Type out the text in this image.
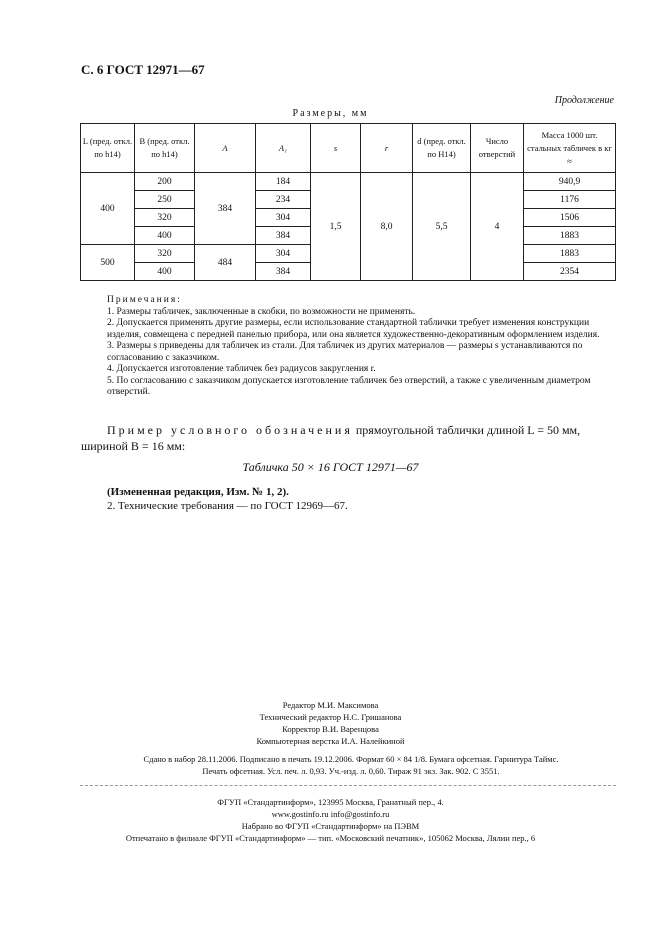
С. 6 ГОСТ 12971—67
Продолжение
Размеры, мм
L (пред. откл. по h14)	B (пред. откл. по h14)	A	A₁	s	r	d (пред. откл. по H14)	Число отверстий	Масса 1000 шт. стальных табличек в кг ≈
400	200	384	184	1,5	8,0	5,5	4	940,9
	250		234					1176
	320		304					1506
	400		384					1883
500	320	484	304					1883
	400		384					2354
Примечания:

1. Размеры табличек, заключенные в скобки, по возможности не применять.

2. Допускается применять другие размеры, если использование стандартной таблички требует изменения конструкции изделия, совмещена с передней панелью прибора, или она является художественно-декоративным оформлением изделия.

3. Размеры s приведены для табличек из стали. Для табличек из других материалов — размеры s устанавливаются по согласованию с заказчиком.

4. Допускается изготовление табличек без радиусов закругления r.

5. По согласованию с заказчиком допускается изготовление табличек без отверстий, а также с увеличенным диаметром отверстий.

Пример условного обозначения прямоугольной таблички длиной L = 50 мм, шириной B = 16 мм:
Табличка 50 × 16 ГОСТ 12971—67
(Измененная редакция, Изм. № 1, 2).
2. Технические требования — по ГОСТ 12969—67.
Редактор М.И. Максимова
Технический редактор Н.С. Гришанова
Корректор В.И. Варенцова
Компьютерная верстка И.А. Налейкиной
Сдано в набор 28.11.2006. Подписано в печать 19.12.2006. Формат 60 × 84 1/8. Бумага офсетная. Гарнитура Таймс.
Печать офсетная. Усл. печ. л. 0,93. Уч.-изд. л. 0,60. Тираж 91 экз. Зак. 902. С 3551.
ФГУП «Стандартинформ», 123995 Москва, Гранатный пер., 4.
www.gostinfo.ru info@gostinfo.ru
Набрано во ФГУП «Стандартинформ» на ПЭВМ
Отпечатано в филиале ФГУП «Стандартинформ» — тип. «Московский печатник», 105062 Москва, Лялин пер., 6
